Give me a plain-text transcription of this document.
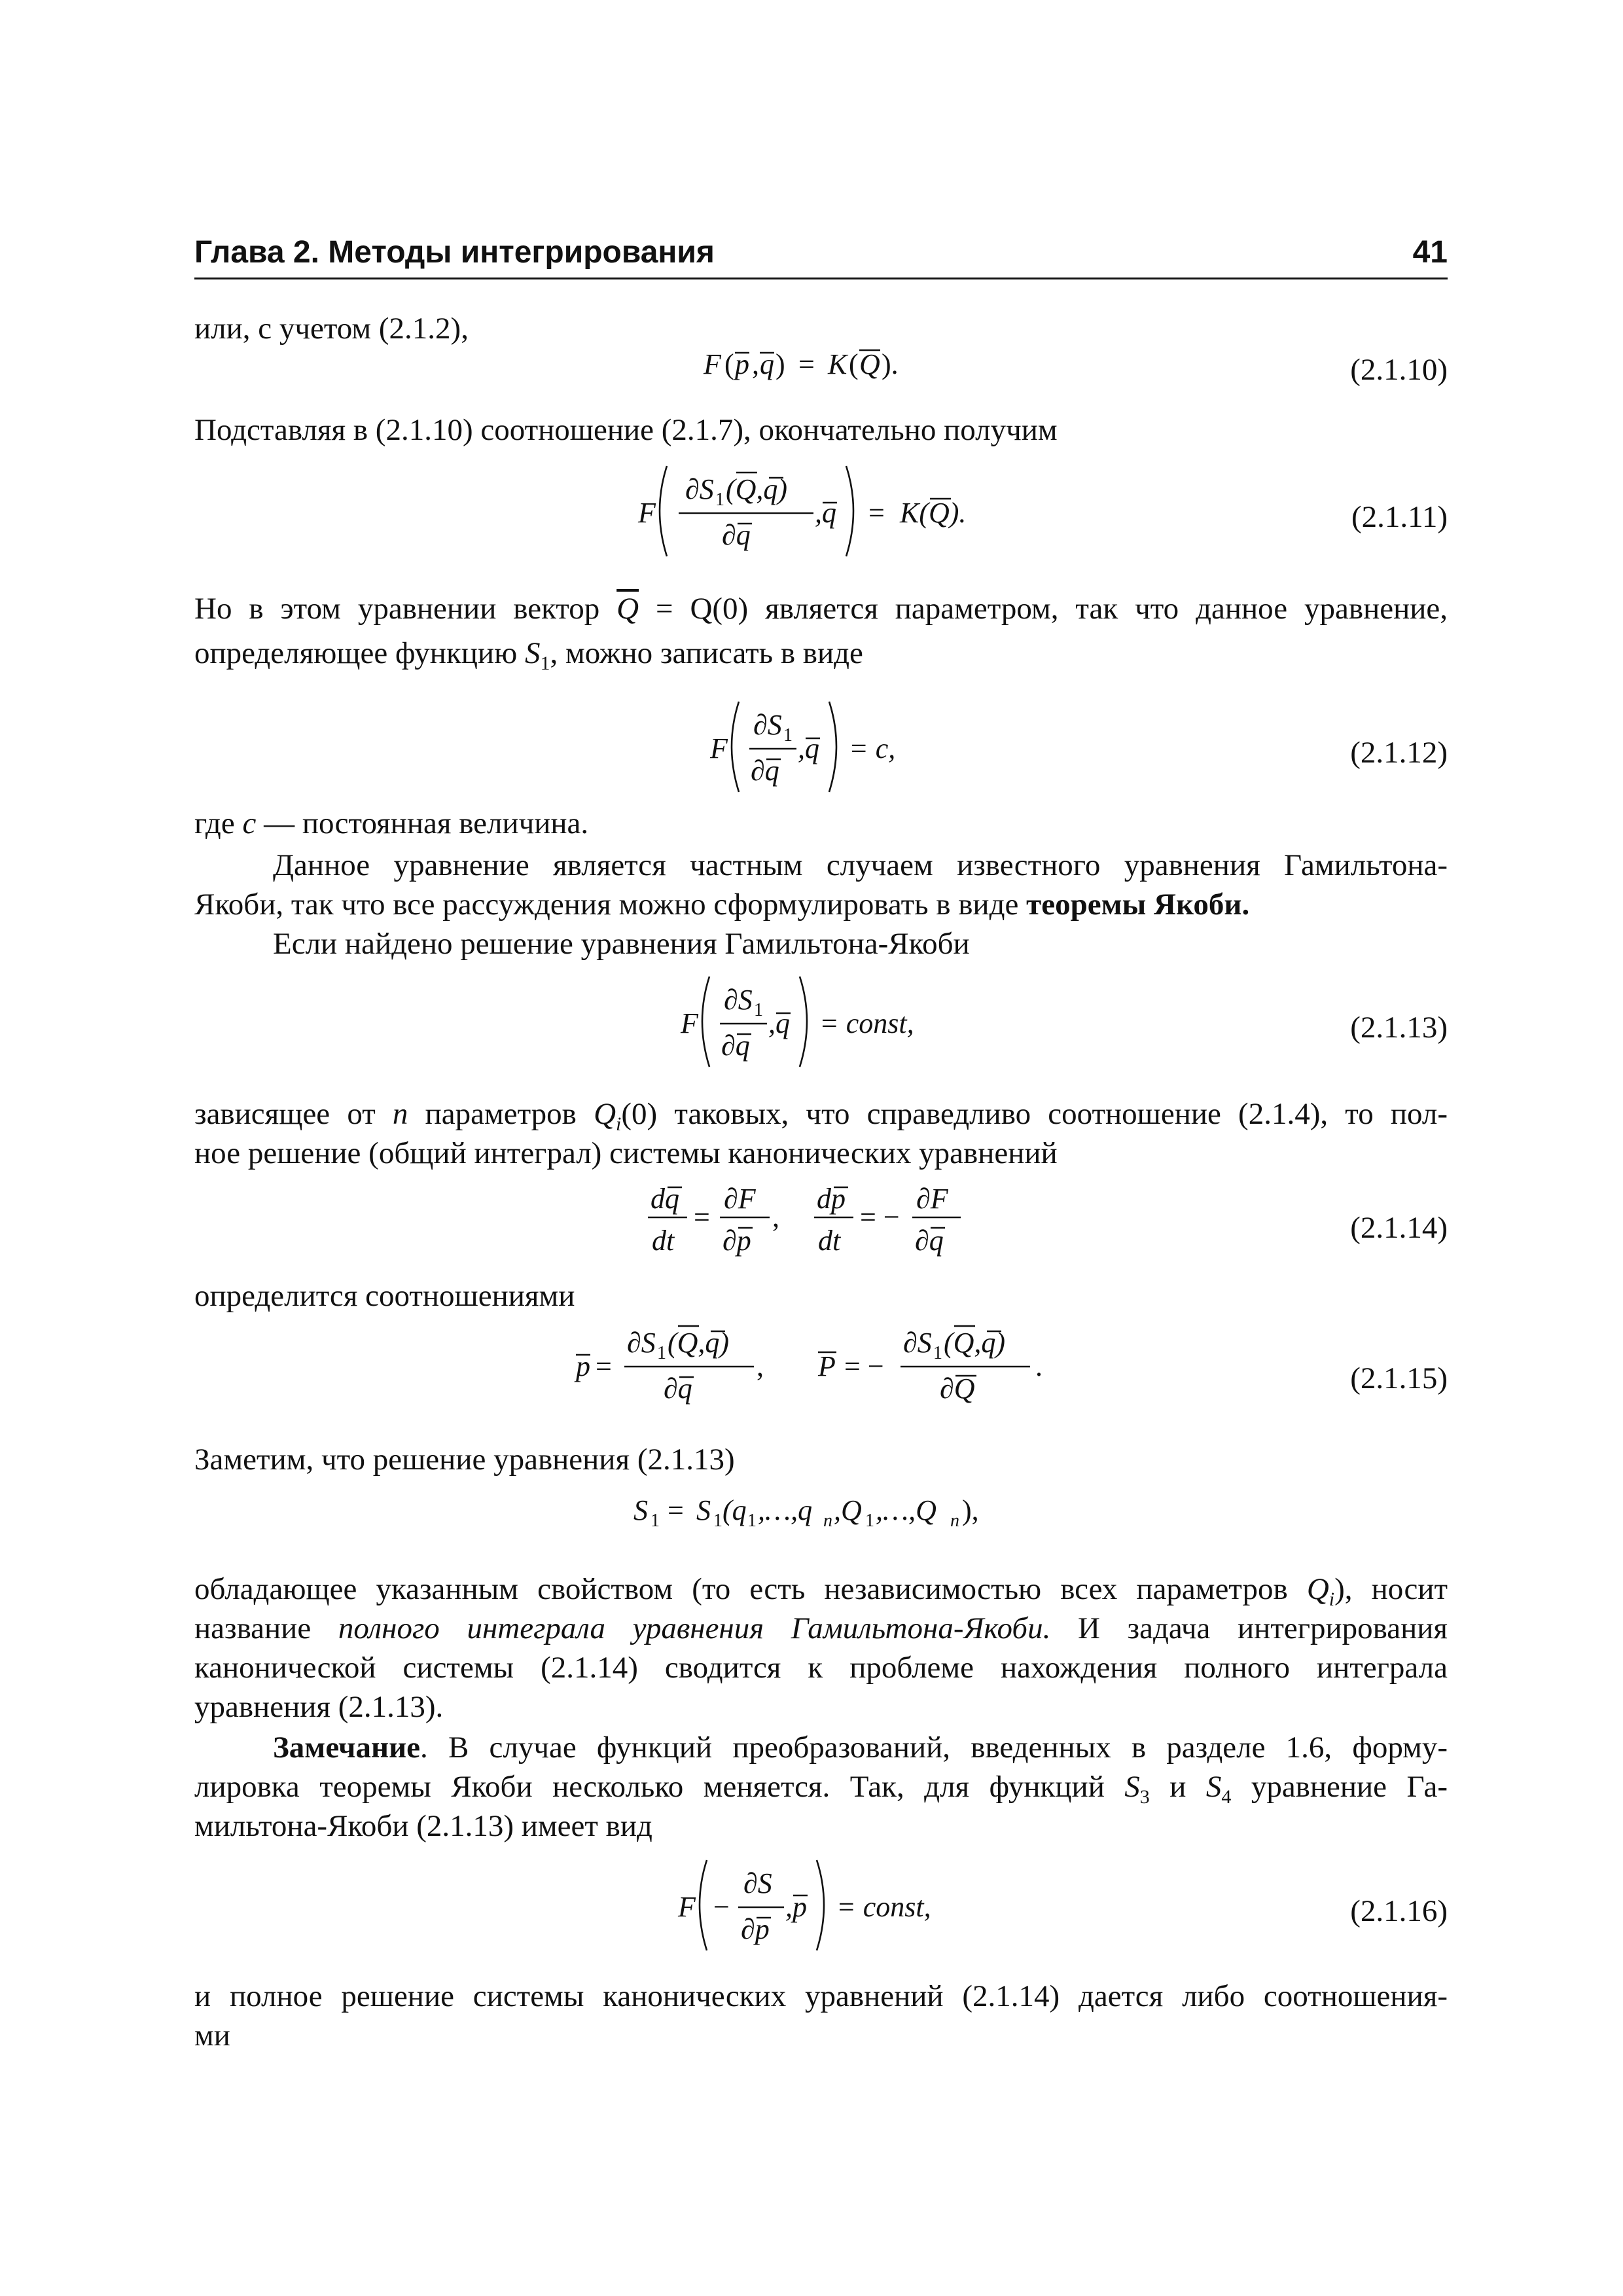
Глава 2. Методы интегрирования	41

или, с учетом (2.1.2),

F ( p , q ) = K ( Q ).	(2.1.10)

Подставляя в (2.1.10) соотношение (2.1.7), окончательно получим

F
∂S 1 (Q,q)
∂q
,q = K(Q).	(2.1.11)

Но в этом уравнении вектор $\overline{Q} = Q(0)$ является параметром, так что данное уравнение,

определяющее функцию $S_1$, можно записать в виде

F
∂S 1
∂q
,q = c,	(2.1.12)

где c — постоянная величина.

Данное уравнение является частным случаем известного уравнения Гамильтона-

Якоби, так что все рассуждения можно сформулировать в виде теоремы Якоби.

Если найдено решение уравнения Гамильтона-Якоби

F
∂S 1
∂q
,q = const,	(2.1.13)

зависящее от n параметров $Q_i(0)$ таковых, что справедливо соотношение (2.1.4), то пол-

ное решение (общий интеграл) системы канонических уравнений

dq
dt
=
∂F
∂p
,
dp
dt
= −
∂F
∂q	(2.1.14)

определится соотношениями

p =
∂S 1 (Q,q)
∂q
, P = −
∂S 1 (Q,q)
∂Q
.	(2.1.15)

Заметим, что решение уравнения (2.1.13)

S 1 = S 1 (q 1 ,…,q n ,Q 1 ,…,Q n ),

обладающее указанным свойством (то есть независимостью всех параметров $Q_i$), носит

название полного интеграла уравнения Гамильтона-Якоби. И задача интегрирования

канонической системы (2.1.14) сводится к проблеме нахождения полного интеграла

уравнения (2.1.13).

Замечание. В случае функций преобразований, введенных в разделе 1.6, форму-

лировка теоремы Якоби несколько меняется. Так, для функций $S_3$ и $S_4$ уравнение Га-

мильтона-Якоби (2.1.13) имеет вид

F −
∂S
∂p
,p = const,	(2.1.16)

и полное решение системы канонических уравнений (2.1.14) дается либо соотношения-

ми
